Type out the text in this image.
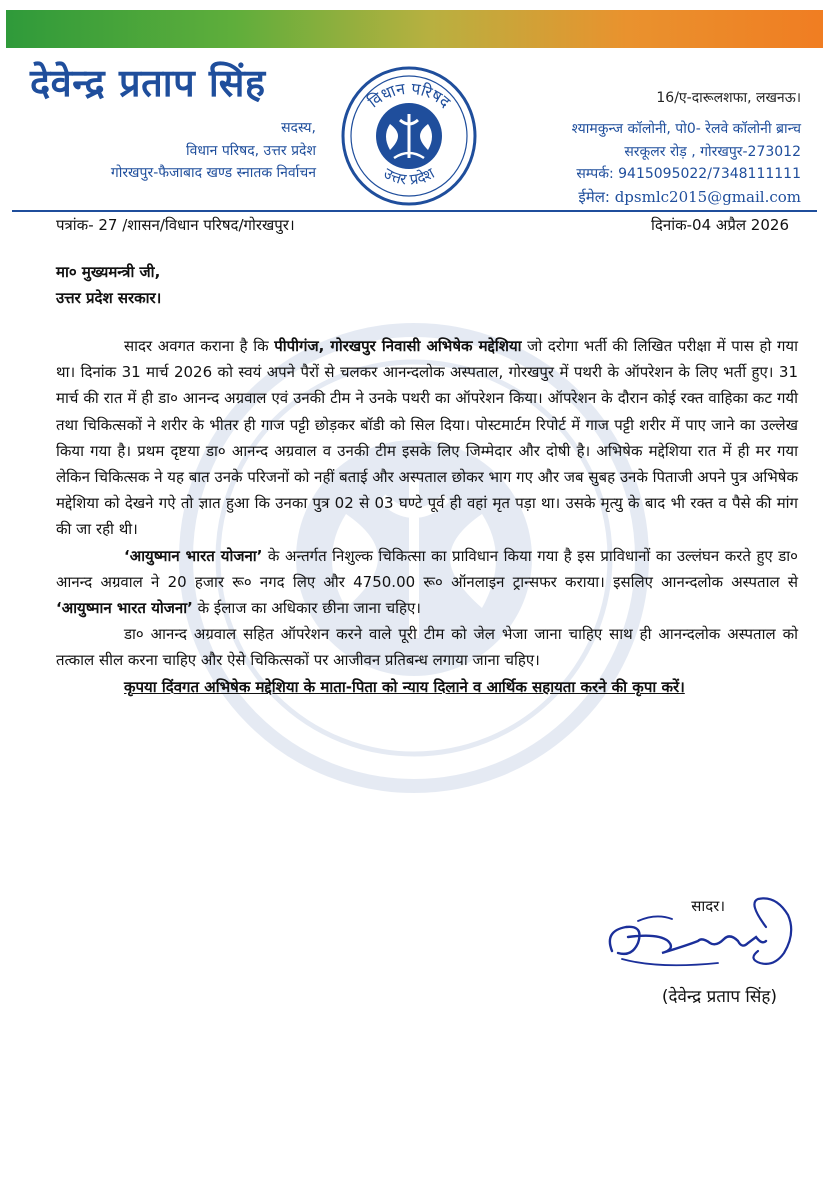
देवेन्द्र प्रताप सिंह
सदस्य,
विधान परिषद, उत्तर प्रदेश
गोरखपुर-फैजाबाद खण्ड स्नातक निर्वाचन
विधान परिषद
उत्तर प्रदेश
16/ए-दारूलशफा, लखनऊ।
श्यामकुन्ज कॉलोनी, पो0- रेलवे कॉलोनी ब्रान्च
सरकूलर रोड़ , गोरखपुर-273012
सम्पर्क: 9415095022/7348111111
ईमेल: dpsmlc2015@gmail.com
पत्रांक- 27 /शासन/विधान परिषद/गोरखपुर।	दिनांक-04 अप्रैल 2026
मा० मुख्यमन्त्री जी,
उत्तर प्रदेश सरकार।

सादर अवगत कराना है कि पीपीगंज, गोरखपुर निवासी अभिषेक मद्देशिया जो दरोगा भर्ती की लिखित परीक्षा में पास हो गया था। दिनांक 31 मार्च 2026 को स्वयं अपने पैरों से चलकर आनन्दलोक अस्पताल, गोरखपुर में पथरी के ऑपरेशन के लिए भर्ती हुए। 31 मार्च की रात में ही डा० आनन्द अग्रवाल एवं उनकी टीम ने उनके पथरी का ऑपरेशन किया। ऑपरेशन के दौरान कोई रक्त वाहिका कट गयी तथा चिकित्सकों ने शरीर के भीतर ही गाज पट्टी छोड़कर बॉडी को सिल दिया। पोस्टमार्टम रिपोर्ट में गाज पट्टी शरीर में पाए जाने का उल्लेख किया गया है। प्रथम दृष्टया डा० आनन्द अग्रवाल व उनकी टीम इसके लिए जिम्मेदार और दोषी है। अभिषेक मद्देशिया रात में ही मर गया लेकिन चिकित्सक ने यह बात उनके परिजनों को नहीं बताई और अस्पताल छोकर भाग गए और जब सुबह उनके पिताजी अपने पुत्र अभिषेक मद्देशिया को देखने गऐ तो ज्ञात हुआ कि उनका पुत्र 02 से 03 घण्टे पूर्व ही वहां मृत पड़ा था। उसके मृत्यु के बाद भी रक्त व पैसे की मांग की जा रही थी।

‘आयुष्मान भारत योजना’ के अन्तर्गत निशुल्क चिकित्सा का प्राविधान किया गया है इस प्राविधानों का उल्लंघन करते हुए डा० आनन्द अग्रवाल ने 20 हजार रू० नगद लिए और 4750.00 रू० ऑनलाइन ट्रान्सफर कराया। इसलिए आनन्दलोक अस्पताल से ‘आयुष्मान भारत योजना’ के ईलाज का अधिकार छीना जाना चहिए।

डा० आनन्द अग्रवाल सहित ऑपरेशन करने वाले पूरी टीम को जेल भेजा जाना चाहिए साथ ही आनन्दलोक अस्पताल को तत्काल सील करना चाहिए और ऐसे चिकित्सकों पर आजीवन प्रतिबन्ध लगाया जाना चहिए।

कृपया दिंवगत अभिषेक मद्देशिया के माता-पिता को न्याय दिलाने व आर्थिक सहायता करने की कृपा करें।

सादर।
(देवेन्द्र प्रताप सिंह)
